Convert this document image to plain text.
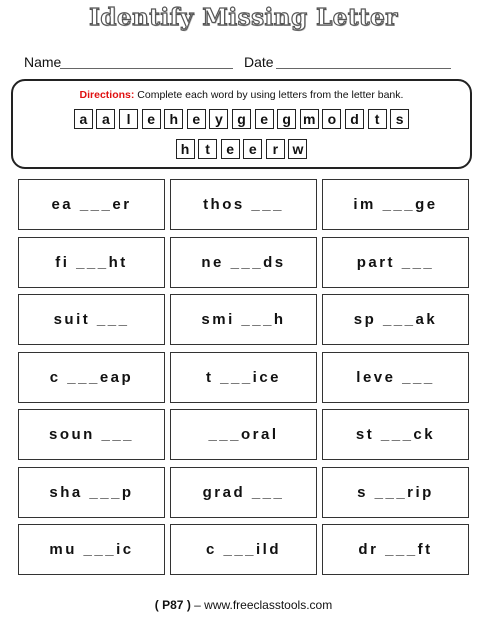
Identify Missing Letter
Name	Date
Directions: Complete each word by using letters from the letter bank.
a	a	l	e	h	e	y	g	e	g m o	d	t	s
h	t	e	e	r	w
ea ___er	thos ___	im ___ge
fi ___ht	ne ___ds	part ___
suit ___	smi ___h	sp ___ak
c ___eap	t ___ice	leve ___
soun ___	___oral	st ___ck
sha ___p	grad ___	s ___rip
mu ___ic	c ___ild	dr ___ft
( P87 ) – www.freeclasstools.com
